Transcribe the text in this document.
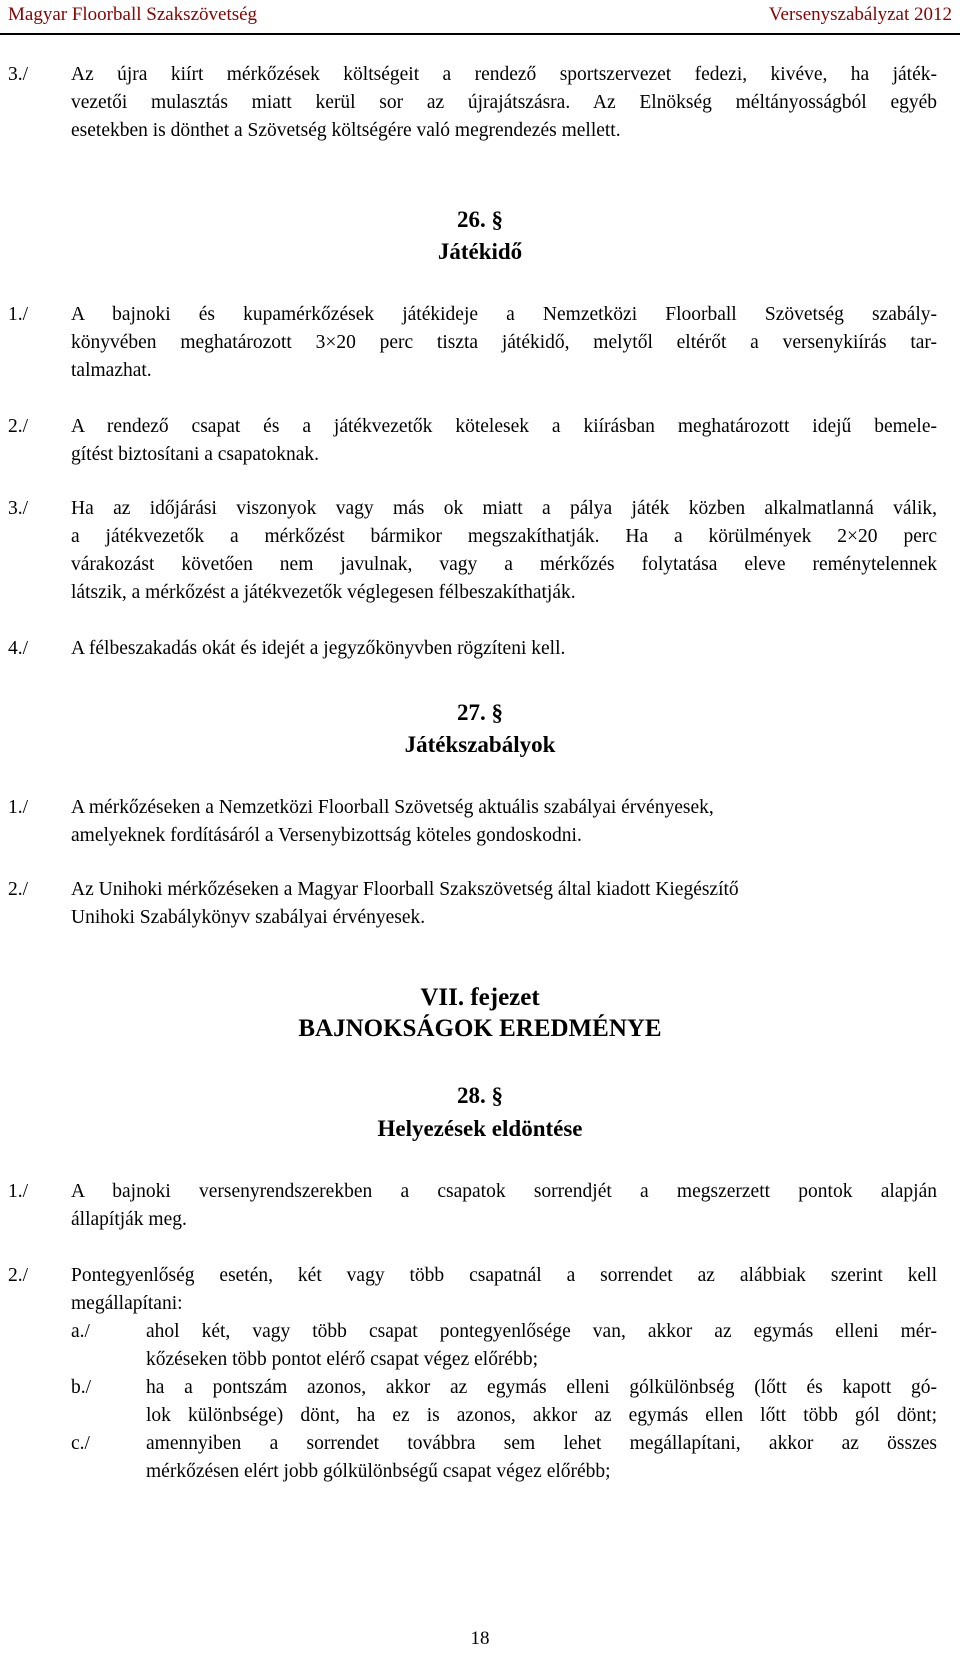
Magyar Floorball Szakszövetség	Versenyszabályzat 2012
3./ Az újra kiírt mérkőzések költségeit a rendező sportszervezet fedezi, kivéve, ha játék-
vezetői mulasztás miatt kerül sor az újrajátszásra. Az Elnökség méltányosságból egyéb
esetekben is dönthet a Szövetség költségére való megrendezés mellett.
26. §
Játékidő
1./ A bajnoki és kupamérkőzések játékideje a Nemzetközi Floorball Szövetség szabály-
könyvében meghatározott 3×20 perc tiszta játékidő, melytől eltérőt a versenykiírás tar-
talmazhat.
2./ A rendező csapat és a játékvezetők kötelesek a kiírásban meghatározott idejű bemele-
gítést biztosítani a csapatoknak.
3./ Ha az időjárási viszonyok vagy más ok miatt a pálya játék közben alkalmatlanná válik,
a játékvezetők a mérkőzést bármikor megszakíthatják. Ha a körülmények 2×20 perc
várakozást követően nem javulnak, vagy a mérkőzés folytatása eleve reménytelennek
látszik, a mérkőzést a játékvezetők véglegesen félbeszakíthatják.
4./ A félbeszakadás okát és idejét a jegyzőkönyvben rögzíteni kell.
27. §
Játékszabályok
1./ A mérkőzéseken a Nemzetközi Floorball Szövetség aktuális szabályai érvényesek,
amelyeknek fordításáról a Versenybizottság köteles gondoskodni.
2./ Az Unihoki mérkőzéseken a Magyar Floorball Szakszövetség által kiadott Kiegészítő
Unihoki Szabálykönyv szabályai érvényesek.
VII. fejezet
BAJNOKSÁGOK EREDMÉNYE
28. §
Helyezések eldöntése
1./ A bajnoki versenyrendszerekben a csapatok sorrendjét a megszerzett pontok alapján
állapítják meg.
2./ Pontegyenlőség esetén, két vagy több csapatnál a sorrendet az alábbiak szerint kell
megállapítani:
a./	ahol két, vagy több csapat pontegyenlősége van, akkor az egymás elleni mér-
kőzéseken több pontot elérő csapat végez előrébb;
b./	ha a pontszám azonos, akkor az egymás elleni gólkülönbség (lőtt és kapott gó-
lok különbsége) dönt, ha ez is azonos, akkor az egymás ellen lőtt több gól dönt;
c./	amennyiben a sorrendet továbbra sem lehet megállapítani, akkor az összes
mérkőzésen elért jobb gólkülönbségű csapat végez előrébb;
18
